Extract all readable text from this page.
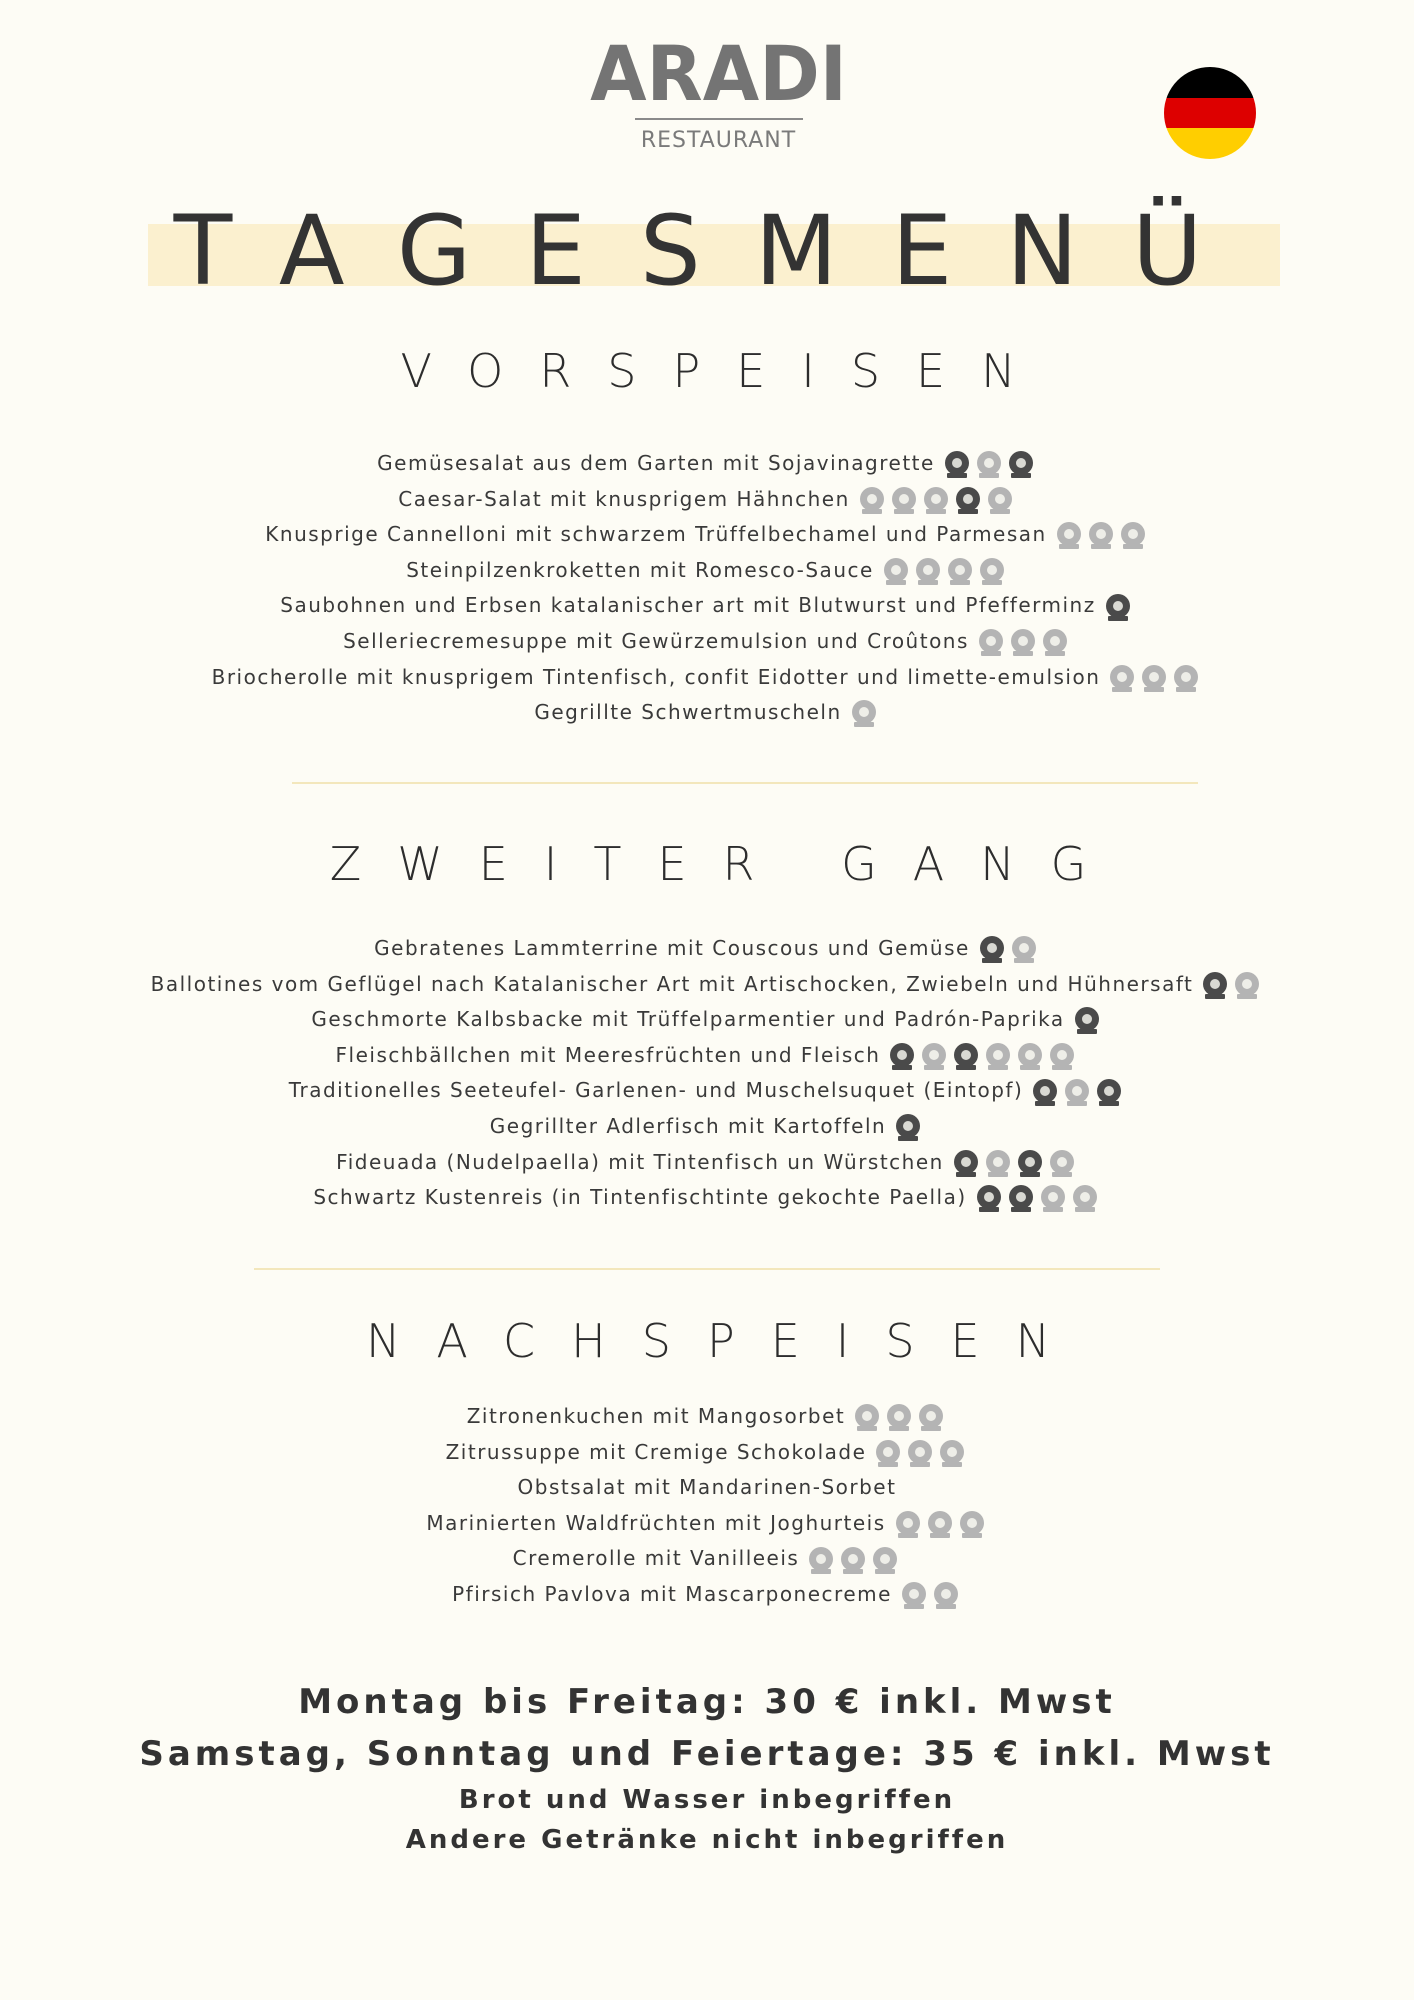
ARADI
RESTAURANT
TAGESMENÜ
VORSPEISEN
Gemüsesalat aus dem Garten mit Sojavinagrette
Caesar-Salat mit knusprigem Hähnchen
Knusprige Cannelloni mit schwarzem Trüffelbechamel und Parmesan
Steinpilzenkroketten mit Romesco-Sauce
Saubohnen und Erbsen katalanischer art mit Blutwurst und Pfefferminz
Selleriecremesuppe mit Gewürzemulsion und Croûtons
Briocherolle mit knusprigem Tintenfisch, confit Eidotter und limette-emulsion
Gegrillte Schwertmuscheln
ZWEITER GANG
Gebratenes Lammterrine mit Couscous und Gemüse
Ballotines vom Geflügel nach Katalanischer Art mit Artischocken, Zwiebeln und Hühnersaft
Geschmorte Kalbsbacke mit Trüffelparmentier und Padrón-Paprika
Fleischbällchen mit Meeresfrüchten und Fleisch
Traditionelles Seeteufel- Garlenen- und Muschelsuquet (Eintopf)
Gegrillter Adlerfisch mit Kartoffeln
Fideuada (Nudelpaella) mit Tintenfisch un Würstchen
Schwartz Kustenreis (in Tintenfischtinte gekochte Paella)
NACHSPEISEN
Zitronenkuchen mit Mangosorbet
Zitrussuppe mit Cremige Schokolade
Obstsalat mit Mandarinen-Sorbet
Marinierten Waldfrüchten mit Joghurteis
Cremerolle mit Vanilleeis
Pfirsich Pavlova mit Mascarponecreme
Montag bis Freitag: 30 € inkl. Mwst
Samstag, Sonntag und Feiertage: 35 € inkl. Mwst
Brot und Wasser inbegriffen
Andere Getränke nicht inbegriffen
